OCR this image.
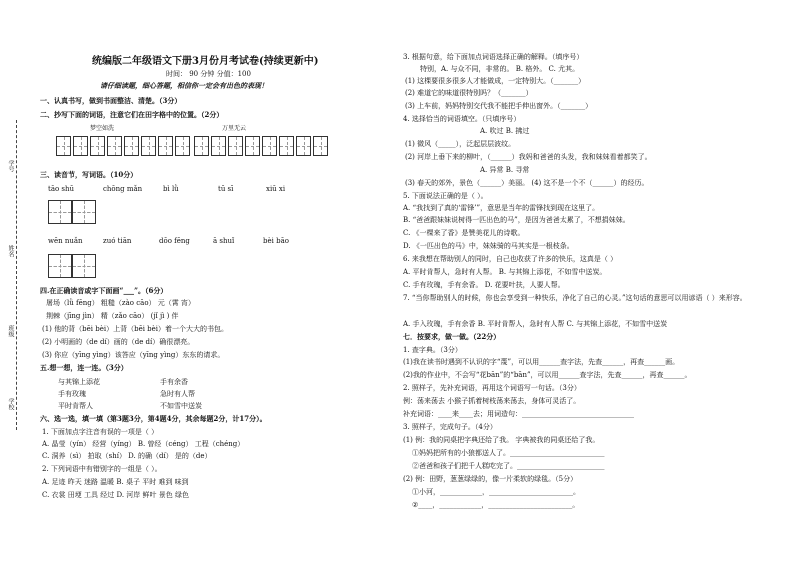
学号
姓名
班级
学校
统编版二年级语文下册3月份月考试卷(持续更新中)
时间： 90 分钟 分值：100
请仔细读题，细心答题，相信你一定会有出色的表现！
一、认真书写，做到书面整洁、清楚。（3分）
二、抄写下面的词语，注意它们在田字格中的位置。（2分）
梦空如洗	万里无云
三、读音节，写词语。（10分）
tāo shū	chōng mǎn	bì lǜ	tū sī	xiū xi
wēn nuǎn	zuó tiān	dōo fēng	ā shuǐ	bèi bāo
四.在正确读音或字下面画“___”。（6分）
屠场（lǜ fēng） 粗糙（zào cāo） 元（霄 宵）
荆棘（jīng jìn） 精（zǎo cāo） (jǐ jì ) 伴
(1) 他的背（bēi bèi）上背（bēi bèi）着一个大大的书包。
(2) 小明画的（de dí）画的（de dí）确很漂亮。
(3) 你应（yīng yìng）该答应（yīng yìng）东东的请求。
五.想一想，连一连。（3分）
与其锦上添花
手有玫瑰
平时肯帮人
手有余香
急时有人帮
不如雪中送炭
六、选一选，填一填（第3题3分，第4题4分，其余每题2分，计17分）。
1. 下面加点字注音有误的一项是（ ）
A. 晶莹（yín） 经营（yíng） B. 曾经（céng） 工程（chéng）
C. 洞养（sì） 拍取（shí） D. 的确（dí） 是的（de）
2. 下列词语中有错别字的一组是（ ）。
A. 足迹 昨天 迷路 温暖 B. 桌子 平时 难到 味到
C. 衣裳 田埂 工具 经过 D. 河岸 鲜叶 景色 绿色
3. 根据句意，给下面加点词语选择正确的解释。（填序号）
特别，A. 与众不同，非常的。 B. 格外。 C. 尤其。
(1) 这棵要很多很多人才能做成，一定特别大。（_______）
(2) 难道它的味道很特别吗？（_______）
(3) 上车前，妈妈特别交代我不能把手伸出窗外。（_______）
4. 选择恰当的词语填空。（只填序号）
A. 吹过 B. 拂过
(1) 微风（_____），泛起层层波纹。
(2) 河岸上垂下来的柳叶，（______）我妈和爸爸的头发，我和妹妹看着都笑了。
A. 异常 B. 寻常
(3) 春天的郊外，景色（______）美丽。 (4) 这不是一个不（______）的经历。
5. 下面说法正确的是（ ）。
A. “我找到了真的‘雷锋’”，意思是当年的雷锋找到现在这里了。
B. “爸爸跟妹妹说树得一匹出色的马”，是因为爸爸太累了，不想捐妹妹。
C. 《一棵来了香》是赞美花儿的诗歌。
D. 《一匹出色的马》中，妹妹骑的马其实是一根枝条。
6. 来我想在帮助别人的同时，自己也收获了许多的快乐，这真是（ ）
A. 平时肯帮人，急时有人帮。 B. 与其锦上添花，不如雪中送炭。
C. 手有玫瑰，手有余香。 D. 花要叶扶，人要人帮。
7. “当你帮助别人的时候，你也会享受到一种快乐，净化了自己的心灵。”这句话的意思可以用谚语（ ）来形容。
A. 手入玫瑰，手有余香 B. 平时肯帮人，急时有人帮 C. 与其锦上添花，不如雪中送炭
七．按要求，做一做。（22分）
1. 查字典。（3分）
(1)我在读书时遇到不认识的字“蔑”，可以用______查字法，先查______，再查______画。
(2)我的作业中，不会写“花bān”的“bān”，可以用______查字法，先查______，再查______。
2. 照样子，先补充词语，再用这个词语写一句话。（3分）
例：荡来荡去 小猴子抓着树枝荡来荡去，身体可灵活了。
补充词语：____来____去；用词造句：________________________________
3. 照样子，完成句子。（4分）
(1) 例：我的同桌把字典还给了我。 字典被我的同桌还给了我。
①妈妈把所有的小狼都送人了。___________________________
②爸爸和孩子们把千人糕吃完了。_________________________
(2) 例：田野，葱葱绿绿的，像一片柔软的绿毯。（5分）
①小河，____________，________________________。
②____，____________，________________________。
